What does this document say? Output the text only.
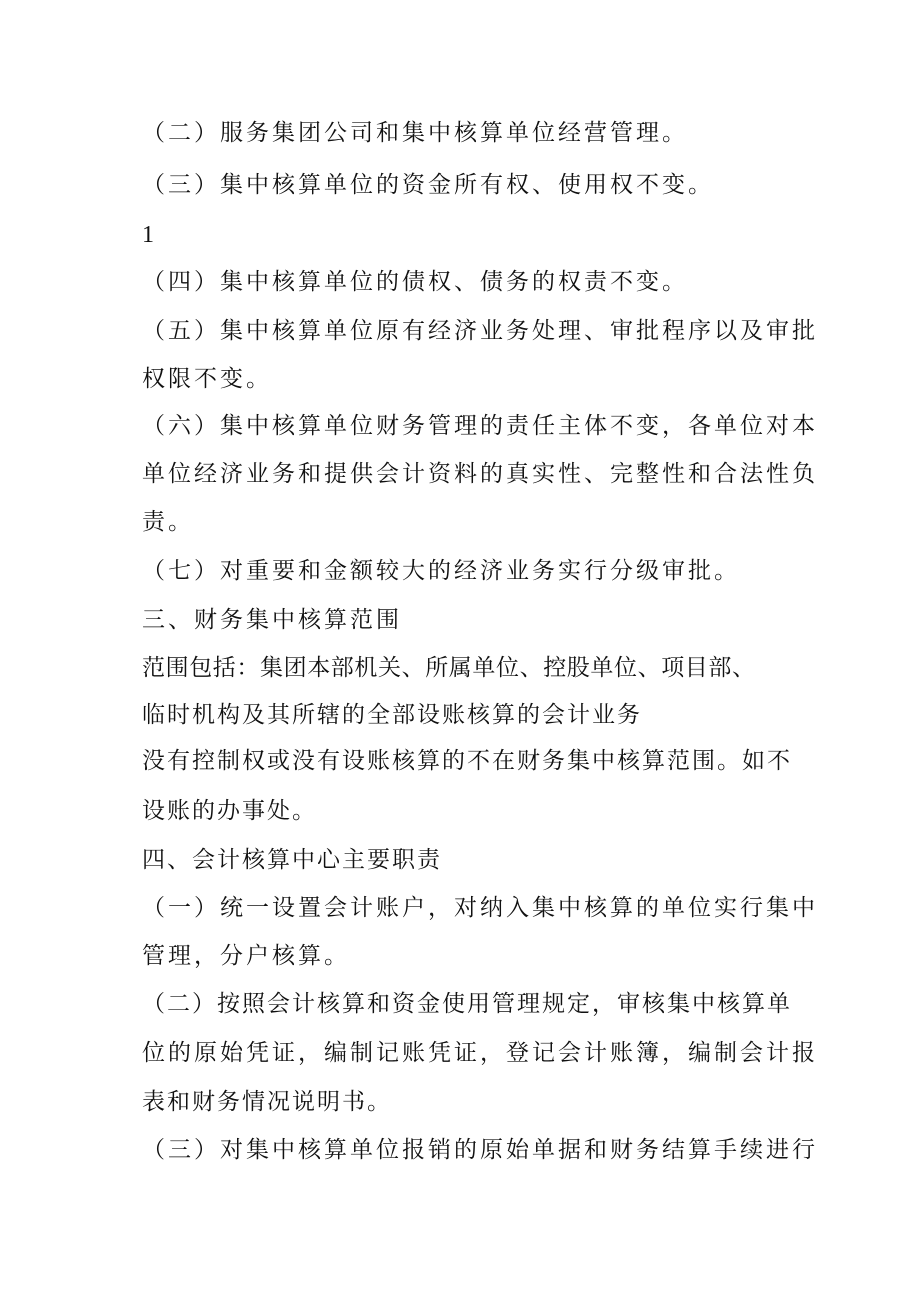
（二）服务集团公司和集中核算单位经营管理。
（三）集中核算单位的资金所有权、使用权不变。
1
（四）集中核算单位的债权、债务的权责不变。
（五）集中核算单位原有经济业务处理、审批程序以及审批
权限不变。
（六）集中核算单位财务管理的责任主体不变，各单位对本
单位经济业务和提供会计资料的真实性、完整性和合法性负
责。
（七）对重要和金额较大的经济业务实行分级审批。
三、财务集中核算范围
范围包括：集团本部机关、所属单位、控股单位、项目部、
临时机构及其所辖的全部设账核算的会计业务
没有控制权或没有设账核算的不在财务集中核算范围。如不
设账的办事处。
四、会计核算中心主要职责
（一）统一设置会计账户，对纳入集中核算的单位实行集中
管理，分户核算。
（二）按照会计核算和资金使用管理规定，审核集中核算单
位的原始凭证，编制记账凭证，登记会计账簿，编制会计报
表和财务情况说明书。
（三）对集中核算单位报销的原始单据和财务结算手续进行
